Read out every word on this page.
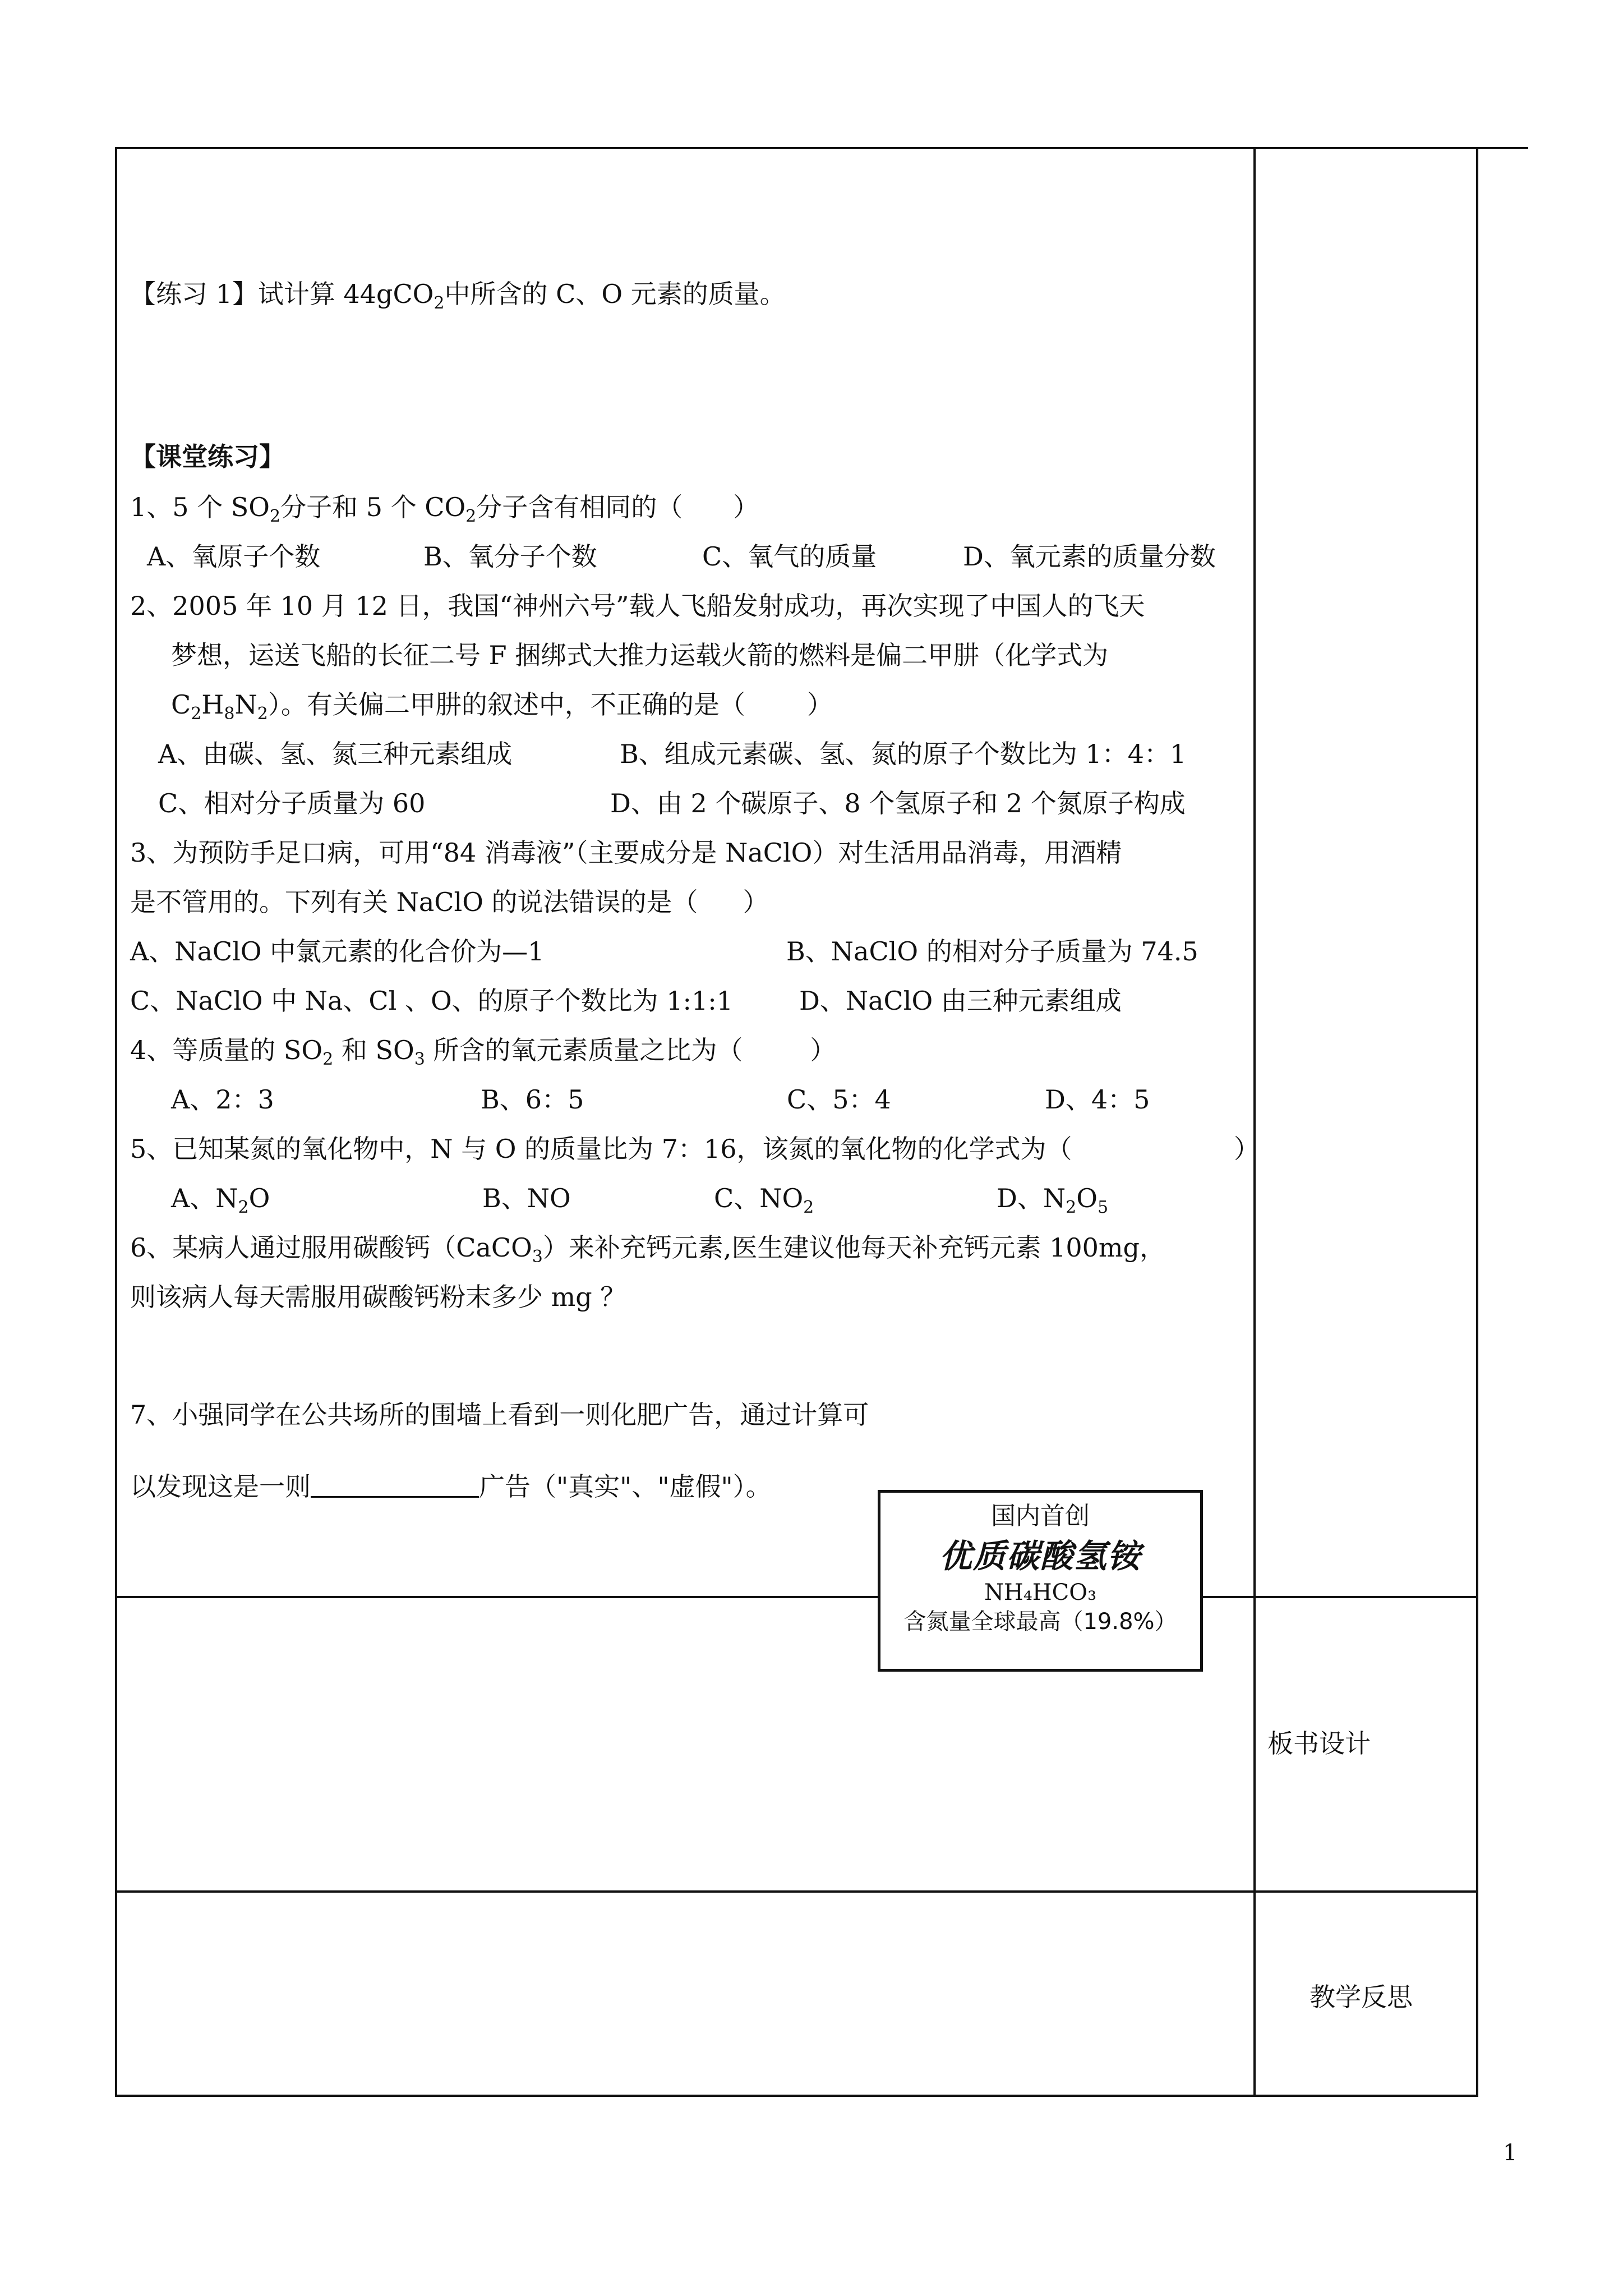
【练习 1】试计算 44gCO$_2$中所含的 C、O 元素的质量。
【课堂练习】
1、5 个 $SO_2$分子和 5 个 $CO_2$分子含有相同的（ ）
A、氧原子个数	B、氧分子个数	C、氧气的质量	D、氧元素的质量分数
2、2005 年 10 月 12 日，我国“神州六号”载人飞船发射成功，再次实现了中国人的飞天
梦想，运送飞船的长征二号 F 捆绑式大推力运载火箭的燃料是偏二甲肼（化学式为
$C_2H_8N_2$）。有关偏二甲肼的叙述中，不正确的是（ ）
A、由碳、氢、氮三种元素组成	B、组成元素碳、氢、氮的原子个数比为 1：4：1
C、相对分子质量为 60	D、由 2 个碳原子、8 个氢原子和 2 个氮原子构成
3、为预防手足口病，可用“84 消毒液”（主要成分是 NaClO）对生活用品消毒，用酒精
是不管用的。下列有关 NaClO 的说法错误的是（ ）
A、NaClO 中氯元素的化合价为—1	B、NaClO 的相对分子质量为 74.5
C、NaClO 中 Na、Cl 、O、的原子个数比为 1:1:1	D、NaClO 由三种元素组成
4、等质量的 $SO_2$ 和 $SO_3$ 所含的氧元素质量之比为（	）
A、2：3	B、6：5	C、5：4	D、4：5
5、已知某氮的氧化物中，N 与 O 的质量比为 7：16，该氮的氧化物的化学式为（	）
A、$N_2O$	B、NO	C、$NO_2$	D、$N_2O_5$
6、某病人通过服用碳酸钙（CaCO$_3$）来补充钙元素,医生建议他每天补充钙元素 100mg，
则该病人每天需服用碳酸钙粉末多少 mg ？
7、小强同学在公共场所的围墙上看到一则化肥广告，通过计算可
以发现这是一则	广告（"真实"、"虚假"）。
国内首创
优质碳酸氢铵
NH₄HCO₃
含氮量全球最高（19.8%）
板书设计
教学反思
1
